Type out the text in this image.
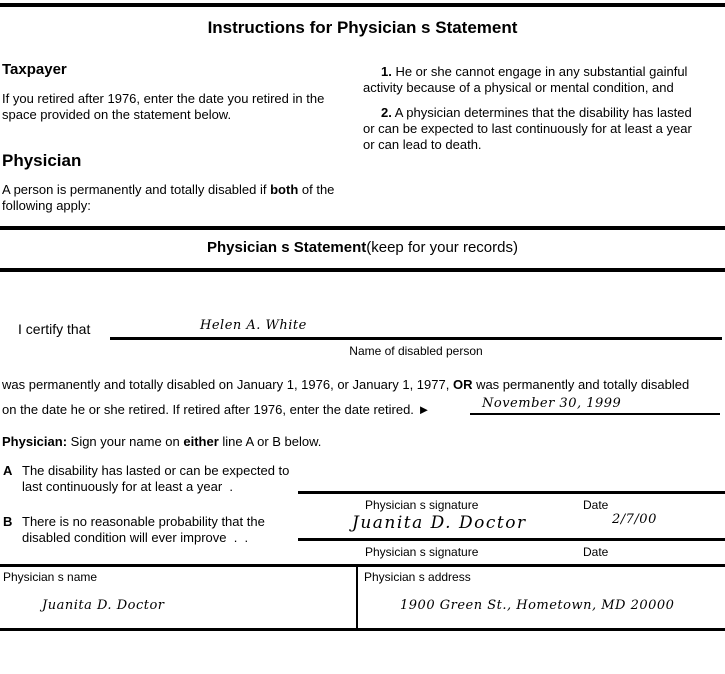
Instructions for Physician s Statement
Taxpayer

If you retired after 1976, enter the date you retired in the space provided on the statement below.

Physician

A person is permanently and totally disabled if both of the following apply:

1. He or she cannot engage in any substantial gainful activity because of a physical or mental condition, and

2. A physician determines that the disability has lasted or can be expected to last continuously for at least a year or can lead to death.

Physician s Statement(keep for your records)
I certify that	Helen A. White
Name of disabled person
was permanently and totally disabled on January 1, 1976, or January 1, 1977, OR was permanently and totally disabled
on the date he or she retired. If retired after 1976, enter the date retired. ►	November 30, 1999
Physician: Sign your name on either line A or B below.
A The disability has lasted or can be expected to last continuously for at least a year  .
Physician s signature	Date
B There is no reasonable probability that the disabled condition will ever improve  .  .
Juanita D. Doctor	2/7/00
Physician s signature	Date
Physician s name
Juanita D. Doctor
Physician s address
1900 Green St., Hometown, MD 20000
